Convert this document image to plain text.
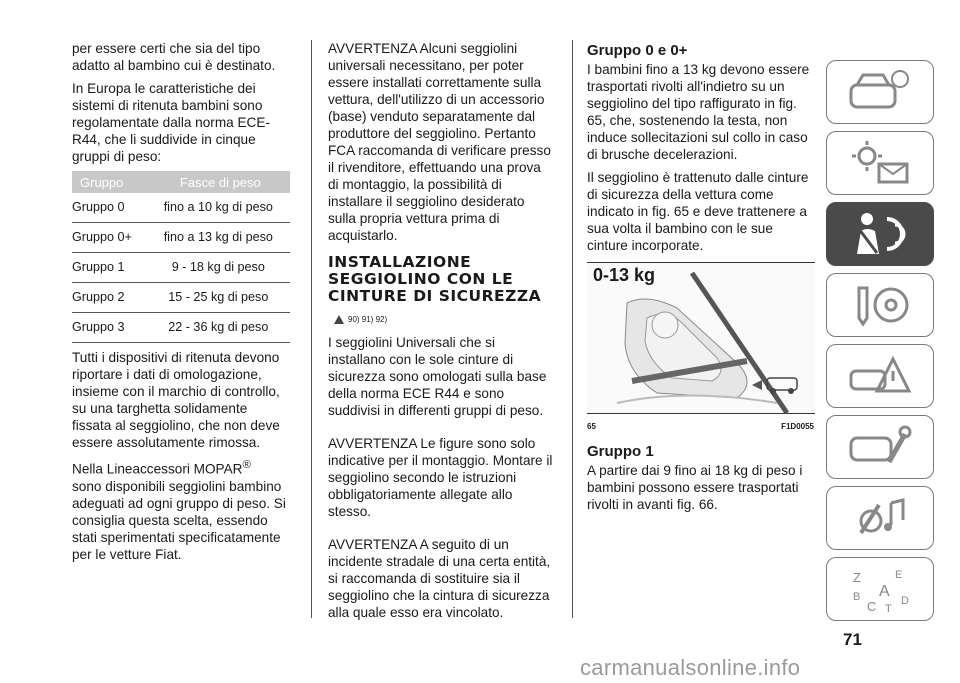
per essere certi che sia del tipo adatto al bambino cui è destinato.

In Europa le caratteristiche dei sistemi di ritenuta bambini sono regolamentate dalla norma ECE-R44, che li suddivide in cinque gruppi di peso:

Gruppo	Fasce di peso
Gruppo 0	fino a 10 kg di peso
Gruppo 0+	fino a 13 kg di peso
Gruppo 1	9 - 18 kg di peso
Gruppo 2	15 - 25 kg di peso
Gruppo 3	22 - 36 kg di peso

Tutti i dispositivi di ritenuta devono riportare i dati di omologazione, insieme con il marchio di controllo, su una targhetta solidamente fissata al seggiolino, che non deve essere assolutamente rimossa.

Nella Lineaccessori MOPAR®
sono disponibili seggiolini bambino adeguati ad ogni gruppo di peso. Si consiglia questa scelta, essendo stati sperimentati specificatamente per le vetture Fiat.

AVVERTENZA Alcuni seggiolini universali necessitano, per poter essere installati correttamente sulla vettura, dell'utilizzo di un accessorio (base) venduto separatamente dal produttore del seggiolino. Pertanto FCA raccomanda di verificare presso il rivenditore, effettuando una prova di montaggio, la possibilità di installare il seggiolino desiderato sulla propria vettura prima di acquistarlo.

INSTALLAZIONE SEGGIOLINO CON LE CINTURE DI SICUREZZA
90) 91) 92)

I seggiolini Universali che si installano con le sole cinture di sicurezza sono omologati sulla base della norma ECE R44 e sono suddivisi in differenti gruppi di peso.

AVVERTENZA Le figure sono solo indicative per il montaggio. Montare il seggiolino secondo le istruzioni obbligatoriamente allegate allo stesso.

AVVERTENZA A seguito di un incidente stradale di una certa entità, si raccomanda di sostituire sia il seggiolino che la cintura di sicurezza alla quale esso era vincolato.

Gruppo 0 e 0+

I bambini fino a 13 kg devono essere trasportati rivolti all'indietro su un seggiolino del tipo raffigurato in fig. 65, che, sostenendo la testa, non induce sollecitazioni sul collo in caso di brusche decelerazioni.

Il seggiolino è trattenuto dalle cinture di sicurezza della vettura come indicato in fig. 65 e deve trattenere a sua volta il bambino con le sue cinture incorporate.

0-13 kg
65	F1D0055
Gruppo 1

A partire dai 9 fino ai 18 kg di peso i bambini possono essere trasportati rivolti in avanti fig. 66.

Z	E
B A
C D
T
71
carmanualsonline.info
